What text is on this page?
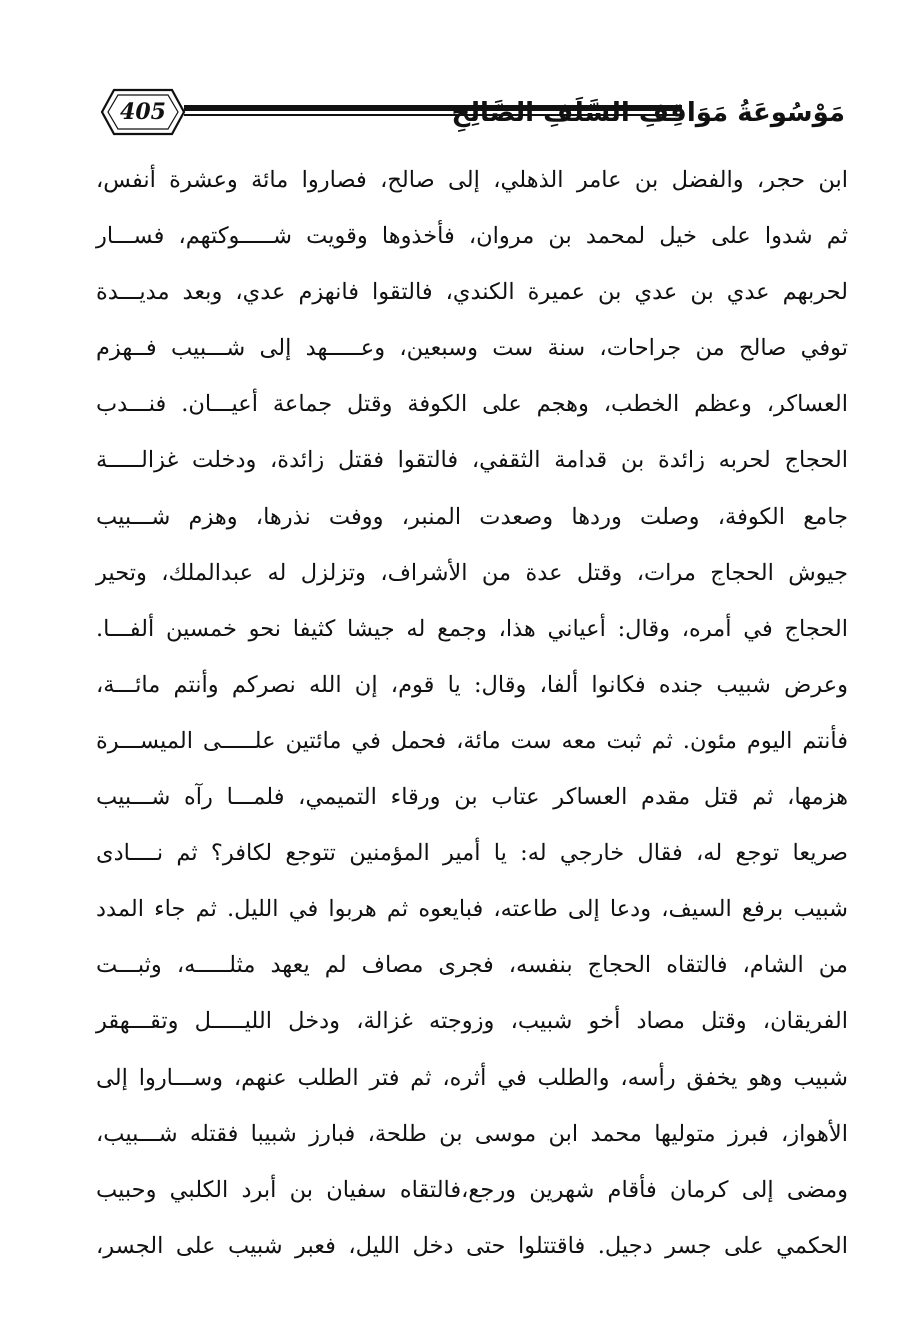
405	مَوْسُوعَةُ مَوَاقِفِ السَّلَفِ الصَّالِحِ
ابن حجر، والفضل بن عامر الذهلي، إلى صالح، فصاروا مائة وعشرة أنفس،
ثم شدوا على خيل لمحمد بن مروان، فأخذوها وقويت شـــــوكتهم، فســـار
لحربهم عدي بن عدي بن عميرة الكندي، فالتقوا فانهزم عدي، وبعد مديـــدة
توفي صالح من جراحات، سنة ست وسبعين، وعـــــهد إلى شـــبيب فــهزم
العساكر، وعظم الخطب، وهجم على الكوفة وقتل جماعة أعيـــان. فنـــدب
الحجاج لحربه زائدة بن قدامة الثقفي، فالتقوا فقتل زائدة، ودخلت غزالـــــة
جامع الكوفة، وصلت وردها وصعدت المنبر، ووفت نذرها، وهزم شـــبيب
جيوش الحجاج مرات، وقتل عدة من الأشراف، وتزلزل له عبدالملك، وتحير
الحجاج في أمره، وقال: أعياني هذا، وجمع له جيشا كثيفا نحو خمسين ألفـــا.
وعرض شبيب جنده فكانوا ألفا، وقال: يا قوم، إن الله نصركم وأنتم مائـــة،
فأنتم اليوم مئون. ثم ثبت معه ست مائة، فحمل في مائتين علـــــى الميســـرة
هزمها، ثم قتل مقدم العساكر عتاب بن ورقاء التميمي، فلمـــا رآه شـــبيب
صريعا توجع له، فقال خارجي له: يا أمير المؤمنين تتوجع لكافر؟ ثم نــــادى
شبيب برفع السيف، ودعا إلى طاعته، فبايعوه ثم هربوا في الليل. ثم جاء المدد
من الشام، فالتقاه الحجاج بنفسه، فجرى مصاف لم يعهد مثلـــــه، وثبـــت
الفريقان، وقتل مصاد أخو شبيب، وزوجته غزالة، ودخل الليـــــل وتقـــهقر
شبيب وهو يخفق رأسه، والطلب في أثره، ثم فتر الطلب عنهم، وســـاروا إلى
الأهواز، فبرز متوليها محمد ابن موسى بن طلحة، فبارز شبيبا فقتله شـــبيب،
ومضى إلى كرمان فأقام شهرين ورجع،فالتقاه سفيان بن أبرد الكلبي وحبيب
الحكمي على جسر دجيل. فاقتتلوا حتى دخل الليل، فعبر شبيب على الجسر،
